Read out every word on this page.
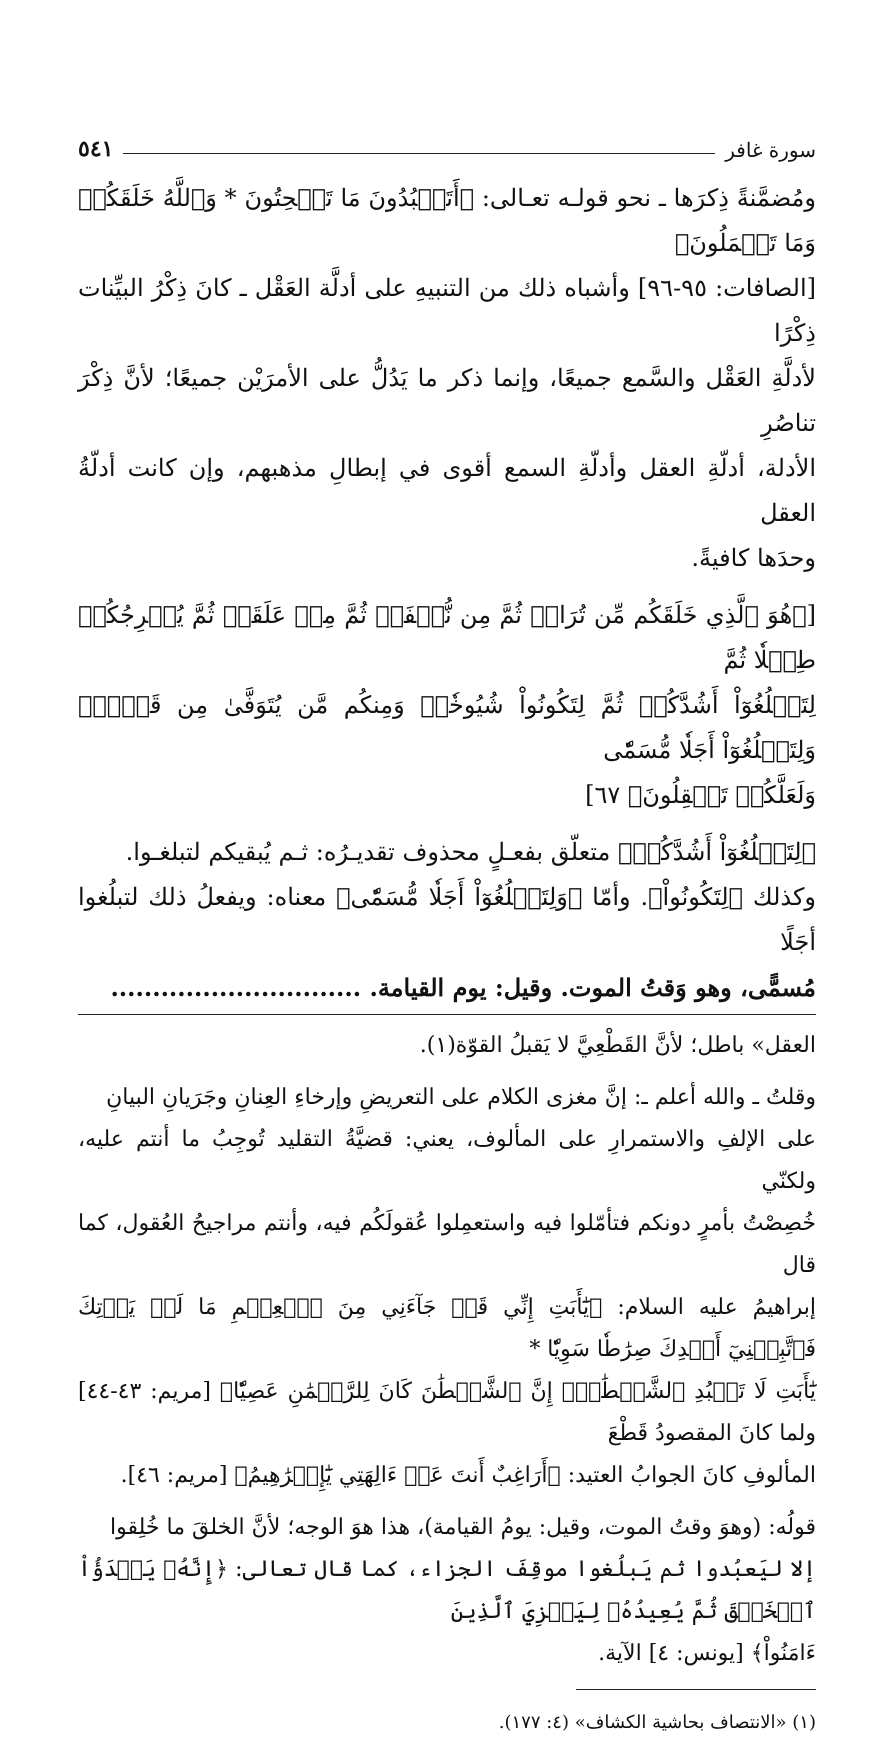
سورة غافر
٥٤١

ومُضمَّنةً ذِكرَها ـ نحو قولـه تعـالى: ﴿أَتَعۡبُدُونَ مَا تَنۡحِتُونَ * وَٱللَّهُ خَلَقَكُمۡ وَمَا تَعۡمَلُونَ﴾

[الصافات: ٩٥-٩٦] وأشباه ذلك من التنبيهِ على أدلَّة العَقْل ـ كانَ ذِكْرُ البيِّنات ذِكْرًا

لأدلَّةِ العَقْل والسَّمع جميعًا، وإنما ذكر ما يَدُلُّ على الأمرَيْن جميعًا؛ لأنَّ ذِكْرَ تناصُرِ

الأدلة، أدلّةِ العقل وأدلّةِ السمع أقوى في إبطالِ مذهبهم، وإن كانت أدلّةُ العقل

وحدَها كافيةً.

[﴿هُوَ ٱلَّذِي خَلَقَكُم مِّن تُرَابٖ ثُمَّ مِن نُّطۡفَةٖ ثُمَّ مِنۡ عَلَقَةٖ ثُمَّ يُخۡرِجُكُمۡ طِفۡلٗا ثُمَّ

لِتَبۡلُغُوٓاْ أَشُدَّكُمۡ ثُمَّ لِتَكُونُواْ شُيُوخٗاۚ وَمِنكُم مَّن يُتَوَفَّىٰ مِن قَبۡلُۖ وَلِتَبۡلُغُوٓاْ أَجَلٗا مُّسَمّٗى

وَلَعَلَّكُمۡ تَعۡقِلُونَ﴾ ٦٧]

﴿لِتَبۡلُغُوٓاْ أَشُدَّكُمۡ﴾ متعلّق بفعـلٍ محذوف تقديـرُه: ثـم يُبقيكم لتبلغـوا.

وكذلك ﴿لِتَكُونُواْ﴾. وأمّا ﴿وَلِتَبۡلُغُوٓاْ أَجَلٗا مُّسَمّٗى﴾ معناه: ويفعلُ ذلك لتبلُغوا أجَلًا

مُسمًّى، وهو وَقتُ الموت. وقيل: يوم القيامة. ..............................

العقل» باطل؛ لأنَّ القَطْعِيَّ لا يَقبلُ القوّة(١).

وقلتُ ـ والله أعلم ـ: إنَّ مغزى الكلام على التعريضِ وإرخاءِ العِنانِ وجَرَيانِ البيانِ

على الإلفِ والاستمرارِ على المألوف، يعني: قضيَّةُ التقليد تُوجِبُ ما أنتم عليه، ولكنّي

خُصِصْتُ بأمرٍ دونكم فتأمّلوا فيه واستعمِلوا عُقولَكُم فيه، وأنتم مراجيحُ العُقول، كما قال

إبراهيمُ عليه السلام: ﴿يَٰٓأَبَتِ إِنِّي قَدۡ جَآءَنِي مِنَ ٱلۡعِلۡمِ مَا لَمۡ يَأۡتِكَ فَٱتَّبِعۡنِيٓ أَهۡدِكَ صِرَٰطٗا سَوِيّٗا *

يَٰٓأَبَتِ لَا تَعۡبُدِ ٱلشَّيۡطَٰنَۖ إِنَّ ٱلشَّيۡطَٰنَ كَانَ لِلرَّحۡمَٰنِ عَصِيّٗا﴾ [مريم: ٤٣-٤٤] ولما كانَ المقصودُ قَطْعَ

المألوفِ كانَ الجوابُ العتيد: ﴿أَرَاغِبٌ أَنتَ عَنۡ ءَالِهَتِي يَٰٓإِبۡرَٰهِيمُ﴾ [مريم: ٤٦].

قولُه: (وهوَ وقتُ الموت، وقيل: يومُ القيامة)، هذا هوَ الوجه؛ لأنَّ الخلقَ ما خُلِقوا

إلا ليَعبُدوا ثم يَبلُغوا موقِفَ الجزاء، كما قال تعالى: ﴿إِنَّهُۥ يَبۡدَؤُاْ ٱلۡخَلۡقَ ثُمَّ يُعِيدُهُۥ لِيَجۡزِيَ ٱلَّذِينَ

ءَامَنُواْ﴾ [يونس: ٤] الآية.

(١) «الانتصاف بحاشية الكشاف» (٤: ١٧٧).
